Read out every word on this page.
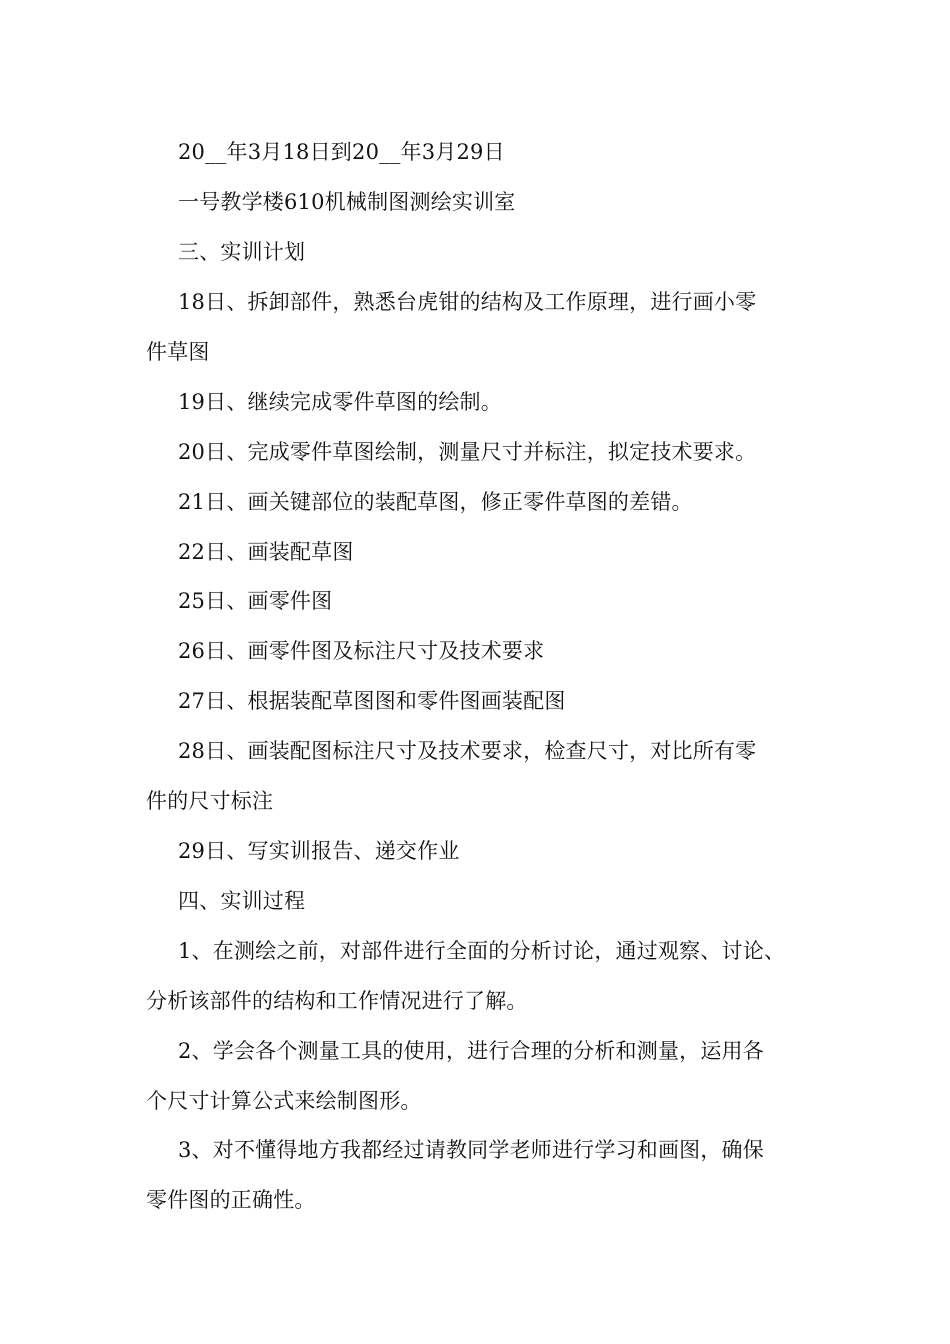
20__年3月18日到20__年3月29日

一号教学楼610机械制图测绘实训室

三、实训计划

18日、拆卸部件，熟悉台虎钳的结构及工作原理，进行画小零

件草图

19日、继续完成零件草图的绘制。

20日、完成零件草图绘制，测量尺寸并标注，拟定技术要求。

21日、画关键部位的装配草图，修正零件草图的差错。

22日、画装配草图

25日、画零件图

26日、画零件图及标注尺寸及技术要求

27日、根据装配草图图和零件图画装配图

28日、画装配图标注尺寸及技术要求，检查尺寸，对比所有零

件的尺寸标注

29日、写实训报告、递交作业

四、实训过程

1、在测绘之前，对部件进行全面的分析讨论，通过观察、讨论、

分析该部件的结构和工作情况进行了解。

2、学会各个测量工具的使用，进行合理的分析和测量，运用各

个尺寸计算公式来绘制图形。

3、对不懂得地方我都经过请教同学老师进行学习和画图，确保

零件图的正确性。
